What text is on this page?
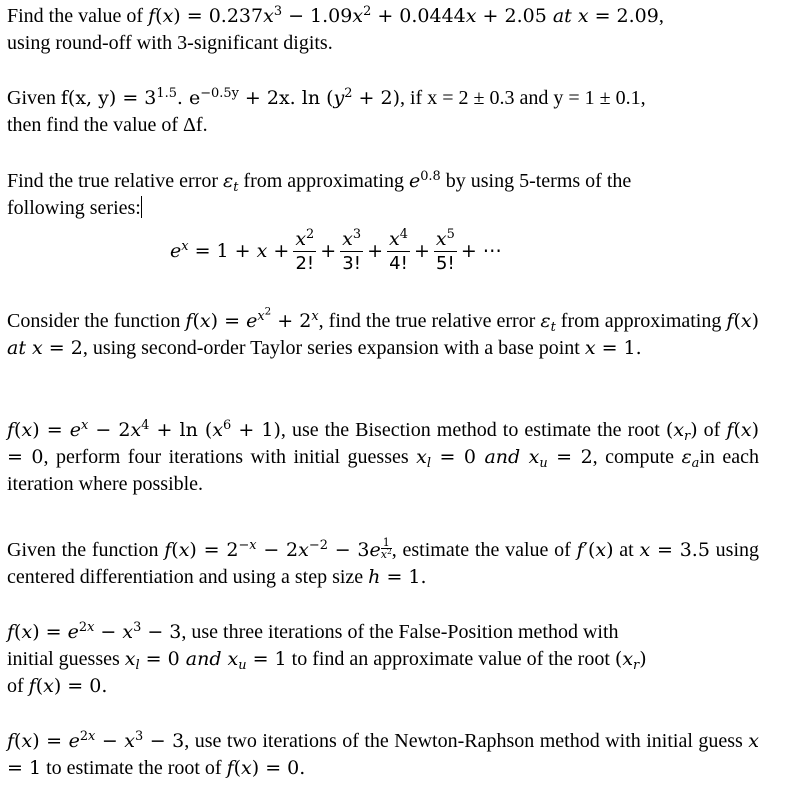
Find the value of $f(x) = 0.237x^3 - 1.09x^2 + 0.0444x + 2.05$ at x = 2.09,
using round-off with 3-significant digits.
Given f(x, $y) = 3^{1.5}$. $e^{-0.5y} + 2x$. $\ln (y^2 + 2)$, if x = 2 ± 0.3 and y = 1 ± 0.1,
then find the value of Δf.
Find the true relative error $\varepsilon_t$ from approximating $e^{0.8}$ by using 5-terms of the
following series:
$e^x = 1 + x + \frac{x^2}{2!} + \frac{x^3}{3!} + \frac{x^4}{4!} + \frac{x^5}{5!}$ + ⋯
Consider the function $f(x) = e^{x^2} + 2^x$, find the true relative error $\varepsilon_t$ from approximating f(x) at x = 2, using second-order Taylor series expansion with a base point x = 1.
$f(x) = e^x - 2x^4 + \ln (x^6 + 1)$, use the Bisection method to estimate the root $(x_r)$ of f(x) = 0, perform four iterations with initial guesses $x_l = 0$ and $x_u = 2$, compute $\varepsilon_ain$ each iteration where possible.
Given the function $f(x) = 2^{-x} - 2x^{-2} - 3e \frac{1}{x^2}$ , estimate the value of f′(x) at x = 3.5 using centered differentiation and using a step size h = 1.
$f(x) = e^{2x} - x^3 - 3$, use three iterations of the False-Position method with
initial guesses $x_l = 0$ and $x_u = 1$ to find an approximate value of the root $(x_r)$
of f(x) = 0.
$f(x) = e^{2x} - x^3 - 3$, use two iterations of the Newton-Raphson method with initial guess x = 1 to estimate the root of f(x) = 0.
